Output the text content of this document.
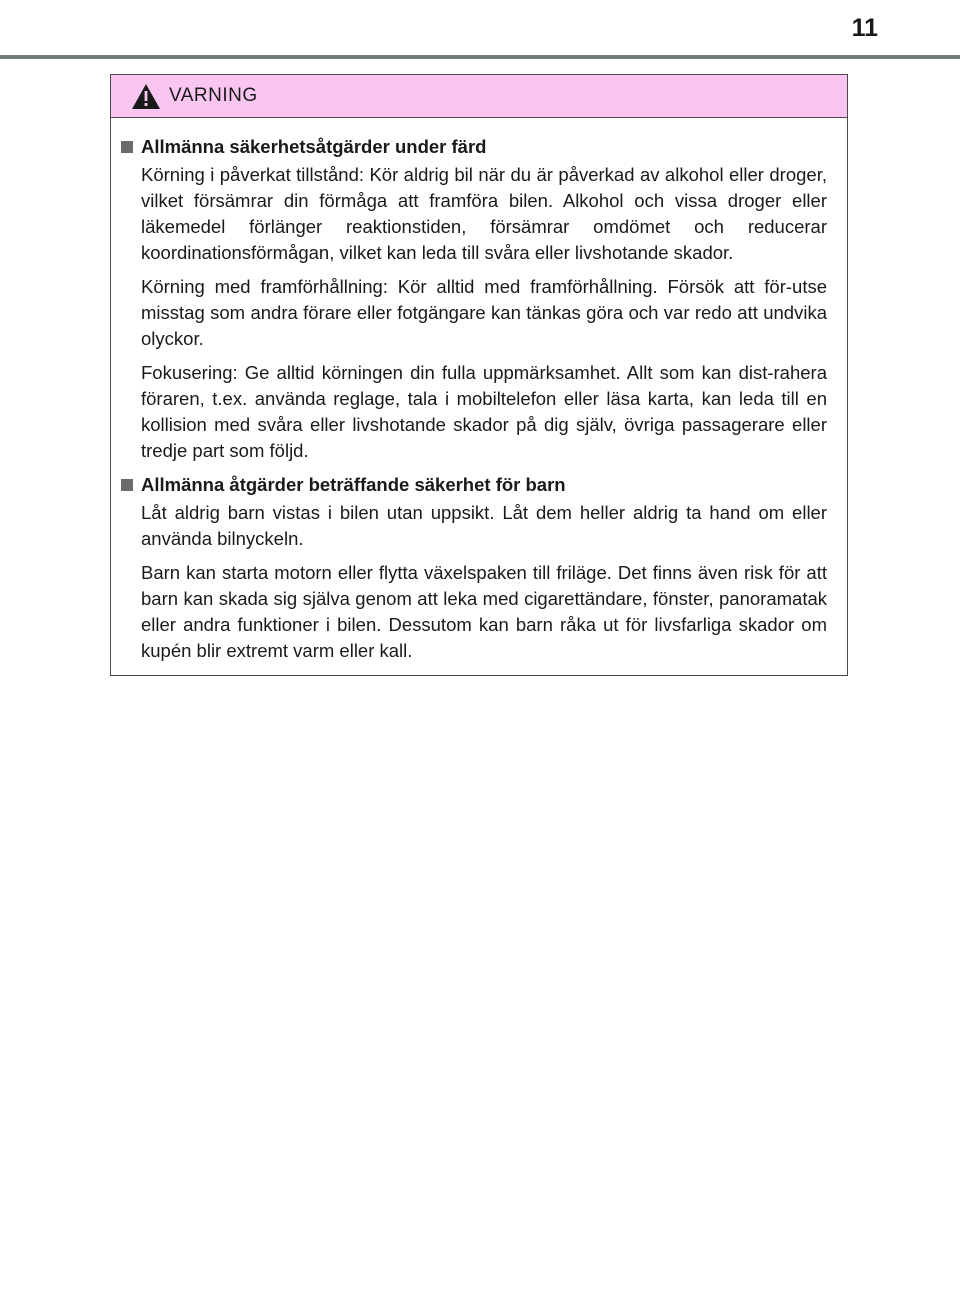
11
VARNING
Allmänna säkerhetsåtgärder under färd

Körning i påverkat tillstånd: Kör aldrig bil när du är påverkad av alkohol eller droger, vilket försämrar din förmåga att framföra bilen. Alkohol och vissa droger eller läkemedel förlänger reaktionstiden, försämrar omdömet och reducerar koordinationsförmågan, vilket kan leda till svåra eller livshotande skador.

Körning med framförhållning: Kör alltid med framförhållning. Försök att för-utse misstag som andra förare eller fotgängare kan tänkas göra och var redo att undvika olyckor.

Fokusering: Ge alltid körningen din fulla uppmärksamhet. Allt som kan dist-rahera föraren, t.ex. använda reglage, tala i mobiltelefon eller läsa karta, kan leda till en kollision med svåra eller livshotande skador på dig själv, övriga passagerare eller tredje part som följd.

Allmänna åtgärder beträffande säkerhet för barn

Låt aldrig barn vistas i bilen utan uppsikt. Låt dem heller aldrig ta hand om eller använda bilnyckeln.

Barn kan starta motorn eller flytta växelspaken till friläge. Det finns även risk för att barn kan skada sig själva genom att leka med cigarettändare, fönster, panoramatak eller andra funktioner i bilen. Dessutom kan barn råka ut för livsfarliga skador om kupén blir extremt varm eller kall.
